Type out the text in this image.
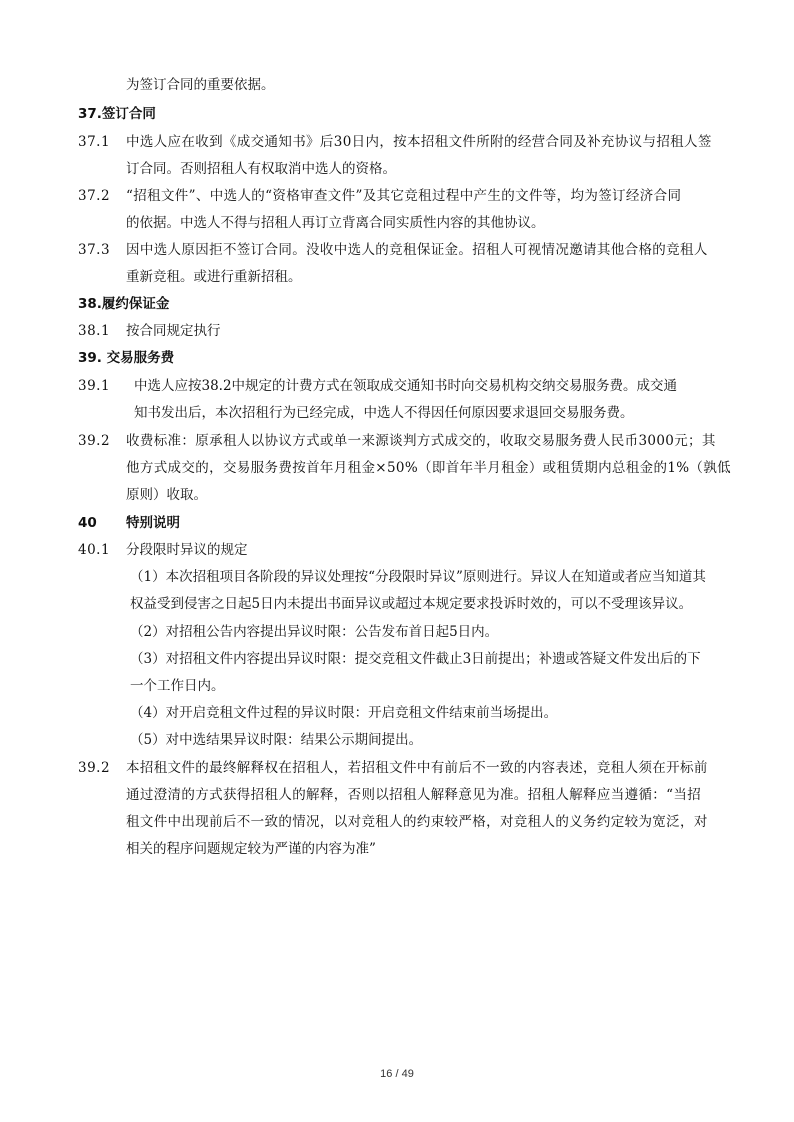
为签订合同的重要依据。
37.签订合同
37.1 中选人应在收到《成交通知书》后30日内，按本招租文件所附的经营合同及补充协议与招租人签
订合同。否则招租人有权取消中选人的资格。
37.2 “招租文件”、中选人的“资格审查文件”及其它竞租过程中产生的文件等，均为签订经济合同
的依据。中选人不得与招租人再订立背离合同实质性内容的其他协议。
37.3 因中选人原因拒不签订合同。没收中选人的竞租保证金。招租人可视情况邀请其他合格的竞租人
重新竞租。或进行重新招租。
38.履约保证金
38.1 按合同规定执行
39. 交易服务费
39.1 中选人应按38.2中规定的计费方式在领取成交通知书时向交易机构交纳交易服务费。成交通
知书发出后，本次招租行为已经完成，中选人不得因任何原因要求退回交易服务费。
39.2 收费标准：原承租人以协议方式或单一来源谈判方式成交的，收取交易服务费人民币3000元；其
他方式成交的，交易服务费按首年月租金×50%（即首年半月租金）或租赁期内总租金的1%（孰低
原则）收取。
40 特别说明
40.1 分段限时异议的规定
（1）本次招租项目各阶段的异议处理按“分段限时异议”原则进行。异议人在知道或者应当知道其
权益受到侵害之日起5日内未提出书面异议或超过本规定要求投诉时效的，可以不受理该异议。
（2）对招租公告内容提出异议时限：公告发布首日起5日内。
（3）对招租文件内容提出异议时限：提交竞租文件截止3日前提出；补遗或答疑文件发出后的下
一个工作日内。
（4）对开启竞租文件过程的异议时限：开启竞租文件结束前当场提出。
（5）对中选结果异议时限：结果公示期间提出。
39.2 本招租文件的最终解释权在招租人，若招租文件中有前后不一致的内容表述，竞租人须在开标前
通过澄清的方式获得招租人的解释，否则以招租人解释意见为准。招租人解释应当遵循：“当招
租文件中出现前后不一致的情况，以对竞租人的约束较严格，对竞租人的义务约定较为宽泛，对
相关的程序问题规定较为严谨的内容为准”
16 / 49
